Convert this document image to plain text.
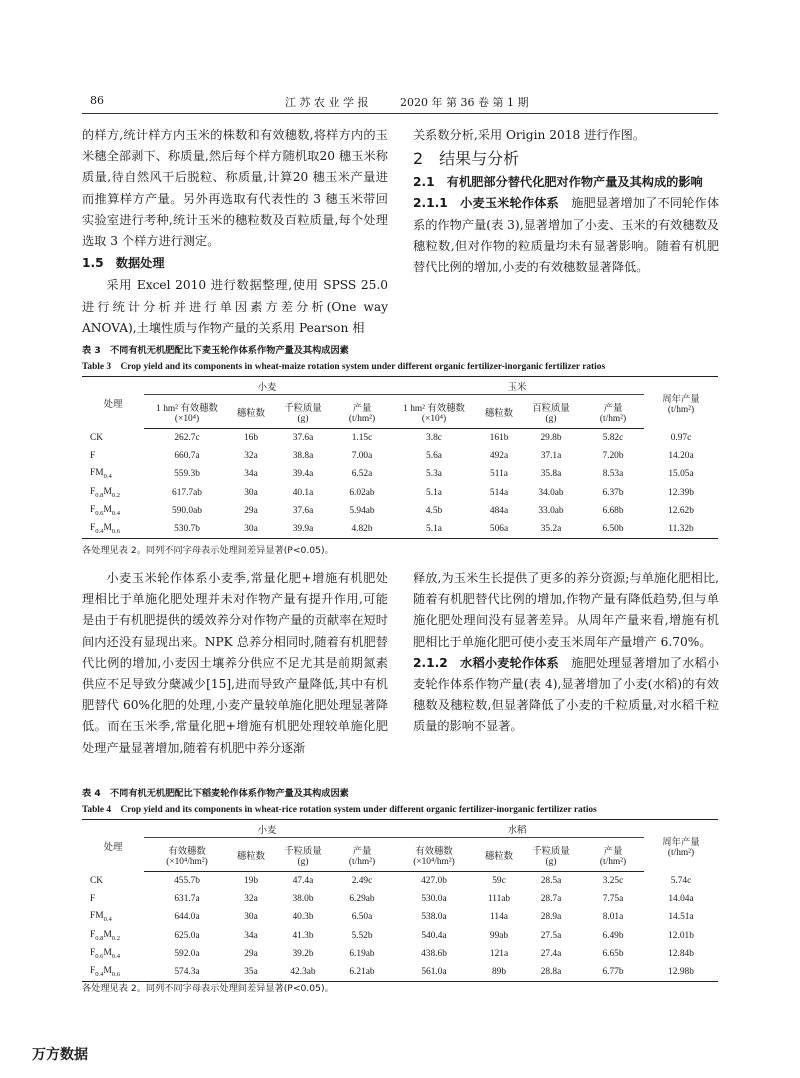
86	江 苏 农 业 学 报	2020 年 第 36 卷 第 1 期

的样方,统计样方内玉米的株数和有效穗数,将样方内的玉米穗全部剥下、称质量,然后每个样方随机取20 穗玉米称质量,待自然风干后脱粒、称质量,计算20 穗玉米产量进而推算样方产量。另外再选取有代表性的 3 穗玉米带回实验室进行考种,统计玉米的穗粒数及百粒质量,每个处理选取 3 个样方进行测定。

1.5　数据处理

采用 Excel 2010 进行数据整理,使用 SPSS 25.0进行统计分析并进行单因素方差分析(One way ANOVA),土壤性质与作物产量的关系用 Pearson 相

关系数分析,采用 Origin 2018 进行作图。

2　结果与分析

2.1　有机肥部分替代化肥对作物产量及其构成的影响

2.1.1　小麦玉米轮作体系　 施肥显著增加了不同轮作体系的作物产量(表 3),显著增加了小麦、玉米的有效穗数及穗粒数,但对作物的粒质量均未有显著影响。随着有机肥替代比例的增加,小麦的有效穗数显著降低。

表 3　不同有机无机肥配比下麦玉轮作体系作物产量及其构成因素
Table 3　Crop yield and its components in wheat-maize rotation system under different organic fertilizer-inorganic fertilizer ratios
处理	小麦				玉米				周年产量
(t/hm²)
	1 hm² 有效穗数
(×10⁴)	穗粒数	千粒质量
(g)	产量
(t/hm²)	1 hm² 有效穗数
(×10⁴)	穗粒数	百粒质量
(g)	产量
(t/hm²)	
CK	262.7c	16b	37.6a	1.15c	3.8c	161b	29.8b	5.82c	0.97c
F	660.7a	32a	38.8a	7.00a	5.6a	492a	37.1a	7.20b	14.20a
$FM_{0.4}$	559.3b	34a	39.4a	6.52a	5.3a	511a	35.8a	8.53a	15.05a
$F_{0.8}M_{0.2}$	617.7ab	30a	40.1a	6.02ab	5.1a	514a	34.0ab	6.37b	12.39b
$F_{0.6}M_{0.4}$	590.0ab	29a	37.6a	5.94ab	4.5b	484a	33.0ab	6.68b	12.62b
$F_{0.4}M_{0.6}$	530.7b	30a	39.9a	4.82b	5.1a	506a	35.2a	6.50b	11.32b
各处理见表 2。同列不同字母表示处理间差异显著(P<0.05)。

小麦玉米轮作体系小麦季,常量化肥+增施有机肥处理相比于单施化肥处理并未对作物产量有提升作用,可能是由于有机肥提供的缓效养分对作物产量的贡献率在短时间内还没有显现出来。NPK 总养分相同时,随着有机肥替代比例的增加,小麦因土壤养分供应不足尤其是前期氮素供应不足导致分蘖减少[15],进而导致产量降低,其中有机肥替代 60%化肥的处理,小麦产量较单施化肥处理显著降低。而在玉米季,常量化肥+增施有机肥处理较单施化肥处理产量显著增加,随着有机肥中养分逐渐

释放,为玉米生长提供了更多的养分资源;与单施化肥相比,随着有机肥替代比例的增加,作物产量有降低趋势,但与单施化肥处理间没有显著差异。从周年产量来看,增施有机肥相比于单施化肥可使小麦玉米周年产量增产 6.70%。

2.1.2　水稻小麦轮作体系　 施肥处理显著增加了水稻小麦轮作体系作物产量(表 4),显著增加了小麦(水稻)的有效穗数及穗粒数,但显著降低了小麦的千粒质量,对水稻千粒质量的影响不显著。

表 4　不同有机无机肥配比下稻麦轮作体系作物产量及其构成因素
Table 4　Crop yield and its components in wheat-rice rotation system under different organic fertilizer-inorganic fertilizer ratios
处理	小麦				水稻				周年产量
(t/hm²)
	有效穗数
(×10⁴/hm²)	穗粒数	千粒质量
(g)	产量
(t/hm²)	有效穗数
(×10⁴/hm²)	穗粒数	千粒质量
(g)	产量
(t/hm²)	
CK	455.7b	19b	47.4a	2.49c	427.0b	59c	28.5a	3.25c	5.74c
F	631.7a	32a	38.0b	6.29ab	530.0a	111ab	28.7a	7.75a	14.04a
$FM_{0.4}$	644.0a	30a	40.3b	6.50a	538.0a	114a	28.9a	8.01a	14.51a
$F_{0.8}M_{0.2}$	625.0a	34a	41.3b	5.52b	540.4a	99ab	27.5a	6.49b	12.01b
$F_{0.6}M_{0.4}$	592.0a	29a	39.2b	6.19ab	438.6b	121a	27.4a	6.65b	12.84b
$F_{0.4}M_{0.6}$	574.3a	35a	42.3ab	6.21ab	561.0a	89b	28.8a	6.77b	12.98b
各处理见表 2。同列不同字母表示处理间差异显著(P<0.05)。
万方数据
